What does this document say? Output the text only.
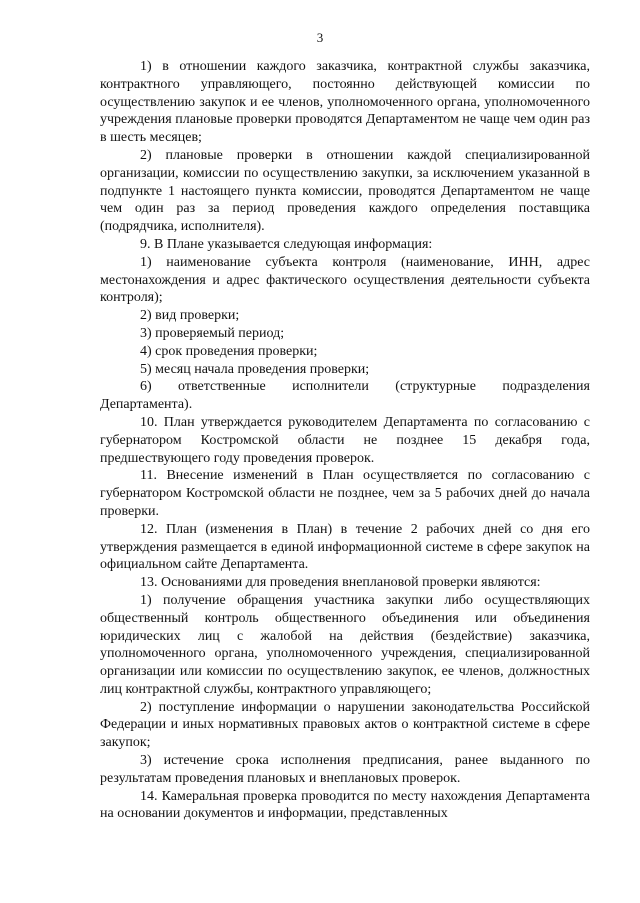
3

1) в отношении каждого заказчика, контрактной службы заказчика, контрактного управляющего, постоянно действующей комиссии по осуществлению закупок и ее членов, уполномоченного органа, уполномоченного учреждения плановые проверки проводятся Департаментом не чаще чем один раз в шесть месяцев;

2) плановые проверки в отношении каждой специализированной организации, комиссии по осуществлению закупки, за исключением указанной в подпункте 1 настоящего пункта комиссии, проводятся Департаментом не чаще чем один раз за период проведения каждого определения поставщика (подрядчика, исполнителя).

9. В Плане указывается следующая информация:

1) наименование субъекта контроля (наименование, ИНН, адрес местонахождения и адрес фактического осуществления деятельности субъекта контроля);

2) вид проверки;

3) проверяемый период;

4) срок проведения проверки;

5) месяц начала проведения проверки;

6) ответственные исполнители (структурные подразделения Департамента).

10. План утверждается руководителем Департамента по согласованию с губернатором Костромской области не позднее 15 декабря года, предшествующего году проведения проверок.

11. Внесение изменений в План осуществляется по согласованию с губернатором Костромской области не позднее, чем за 5 рабочих дней до начала проверки.

12. План (изменения в План) в течение 2 рабочих дней со дня его утверждения размещается в единой информационной системе в сфере закупок на официальном сайте Департамента.

13. Основаниями для проведения внеплановой проверки являются:

1) получение обращения участника закупки либо осуществляющих общественный контроль общественного объединения или объединения юридических лиц с жалобой на действия (бездействие) заказчика, уполномоченного органа, уполномоченного учреждения, специализированной организации или комиссии по осуществлению закупок, ее членов, должностных лиц контрактной службы, контрактного управляющего;

2) поступление информации о нарушении законодательства Российской Федерации и иных нормативных правовых актов о контрактной системе в сфере закупок;

3) истечение срока исполнения предписания, ранее выданного по результатам проведения плановых и внеплановых проверок.

14. Камеральная проверка проводится по месту нахождения Департамента на основании документов и информации, представленных
